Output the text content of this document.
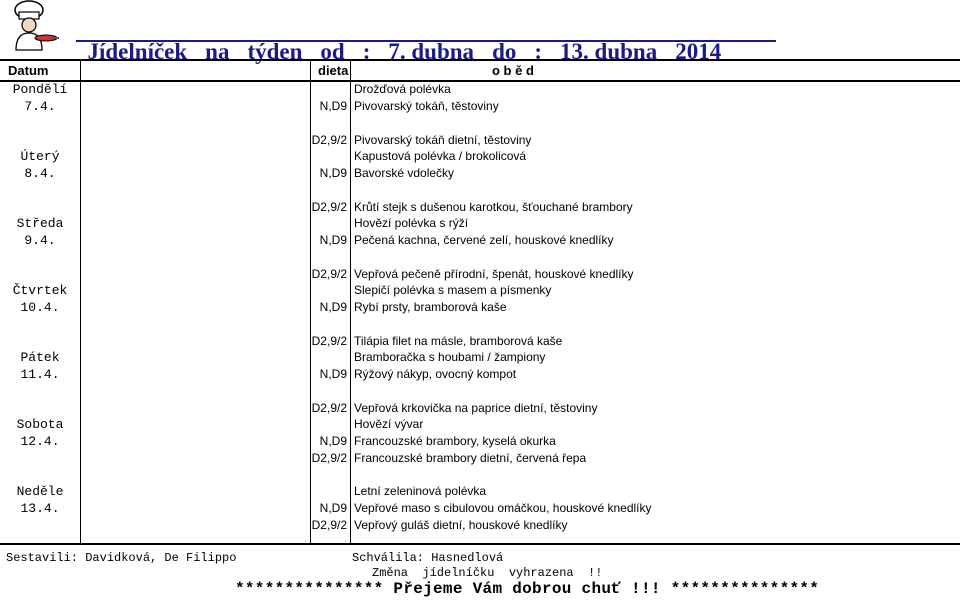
Jídelníček na týden od : 7. dubna do : 13. dubna 2014

Datum	dieta	o b ě d
Pondělí
7.4.
Drožďová polévka
N,D9 Pivovarský tokáň, těstoviny
D2,9/2 Pivovarský tokáň dietní, těstoviny
Úterý
8.4.
Kapustová polévka / brokolicová
N,D9 Bavorské vdolečky
D2,9/2 Krůtí stejk s dušenou karotkou, šťouchané brambory
Středa
9.4.
Hovězí polévka s rýží
N,D9 Pečená kachna, červené zelí, houskové knedlíky
D2,9/2 Vepřová pečeně přírodní, špenát, houskové knedlíky
Čtvrtek
10.4.
Slepičí polévka s masem a písmenky
N,D9 Rybí prsty, bramborová kaše
D2,9/2 Tilápia filet na másle, bramborová kaše
Pátek
11.4.
Bramboračka s houbami / žampiony
N,D9 Rýžový nákyp, ovocný kompot
D2,9/2 Vepřová krkovička na paprice dietní, těstoviny
Sobota
12.4.
Hovězí vývar
N,D9 Francouzské brambory, kyselá okurka
D2,9/2 Francouzské brambory dietní, červená řepa
Neděle
13.4.
Letní zeleninová polévka
N,D9 Vepřové maso s cibulovou omáčkou, houskové knedlíky
D2,9/2 Vepřový guláš dietní, houskové knedlíky
Sestavili: Davidková, De Filippo	Schválila: Hasnedlová
Změna  jídelníčku  vyhrazena  !!
*************** Přejeme Vám dobrou chuť !!! ***************
